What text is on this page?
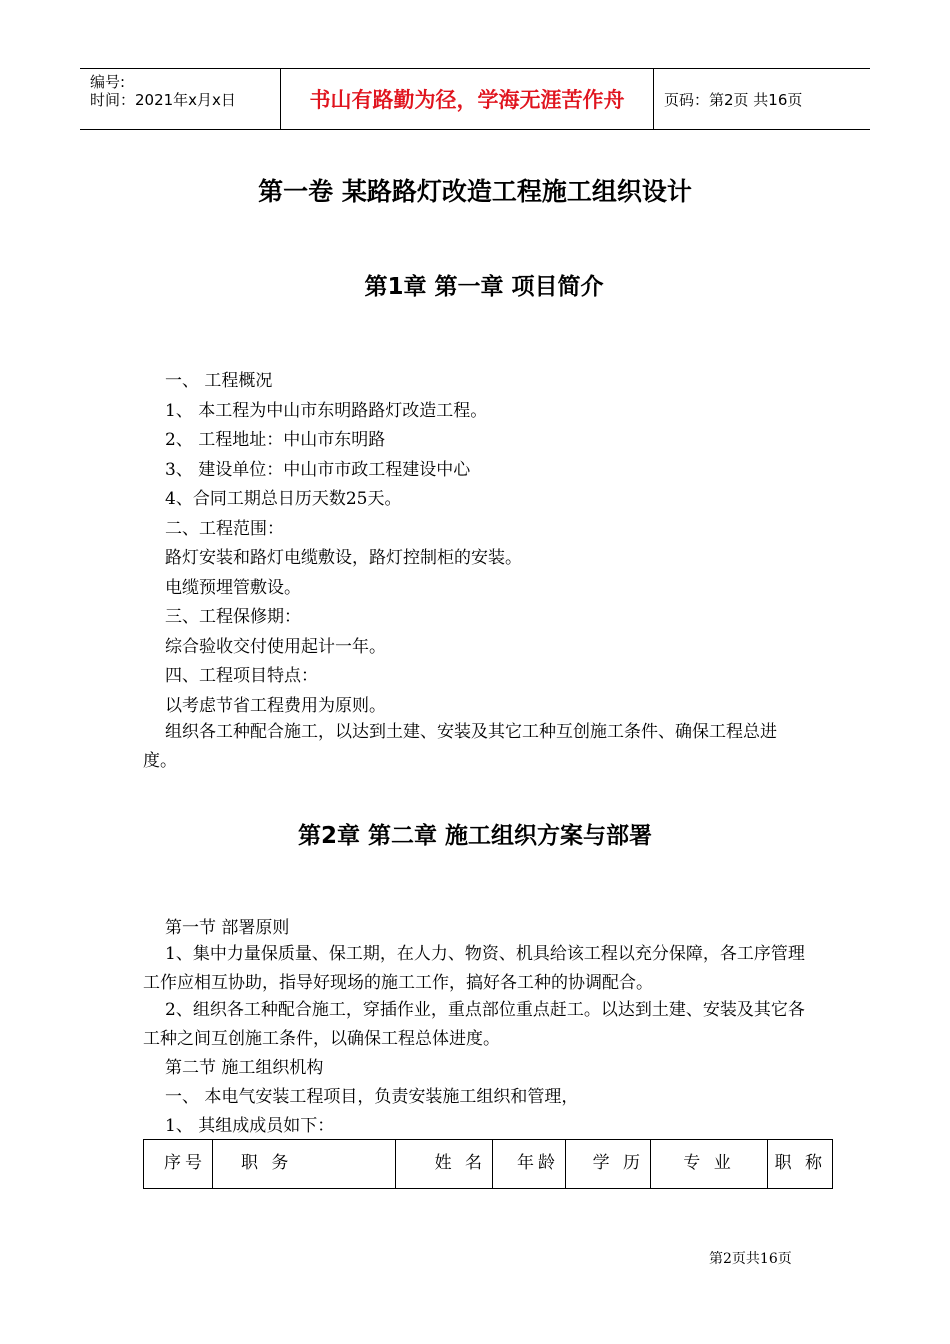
编号:
时间：2021年x月x日	书山有路勤为径，学海无涯苦作舟	页码：第2页 共16页
第一卷 某路路灯改造工程施工组织设计
第1章 第一章 项目简介
一、 工程概况
1、 本工程为中山市东明路路灯改造工程。
2、 工程地址：中山市东明路
3、 建设单位：中山市市政工程建设中心
4、合同工期总日历天数25天。
二、工程范围：
路灯安装和路灯电缆敷设，路灯控制柜的安装。
电缆预埋管敷设。
三、工程保修期：
综合验收交付使用起计一年。
四、工程项目特点：
以考虑节省工程费用为原则。
组织各工种配合施工，以达到土建、安装及其它工种互创施工条件、确保工程总进度。
第2章 第二章 施工组织方案与部署
第一节 部署原则
1、集中力量保质量、保工期，在人力、物资、机具给该工程以充分保障，各工序管理工作应相互协助，指导好现场的施工工作，搞好各工种的协调配合。
2、组织各工种配合施工，穿插作业，重点部位重点赶工。以达到土建、安装及其它各工种之间互创施工条件，以确保工程总体进度。
第二节 施工组织机构
一、 本电气安装工程项目，负责安装施工组织和管理，
1、 其组成成员如下：
序号	职 务	姓 名	年龄	学 历	专 业	职 称
第2页共16页
